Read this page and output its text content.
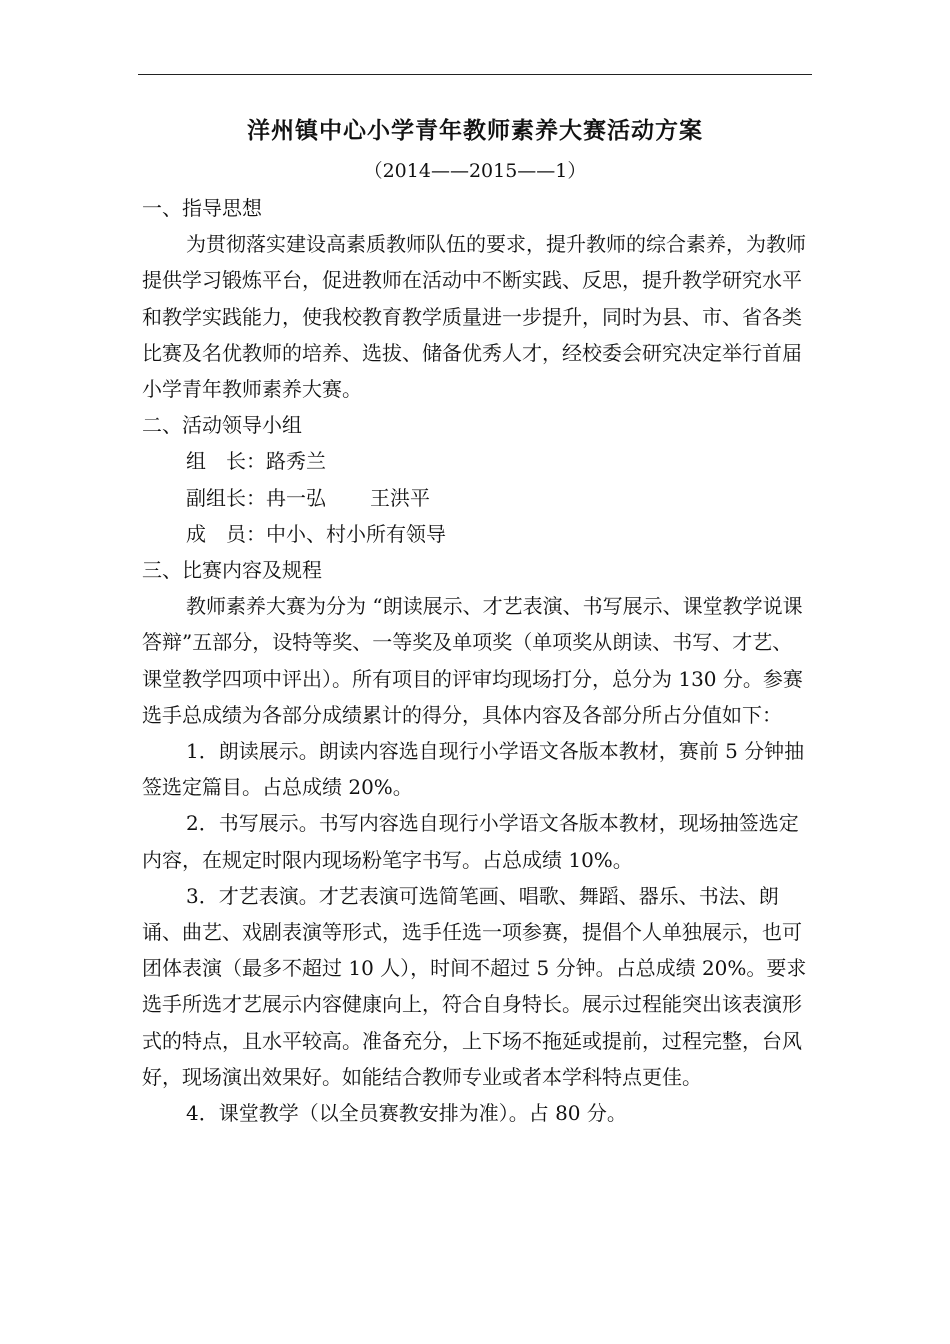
洋州镇中心小学青年教师素养大赛活动方案
（2014——2015——1）

一、指导思想

为贯彻落实建设高素质教师队伍的要求，提升教师的综合素养，为教师提供学习锻炼平台，促进教师在活动中不断实践、反思，提升教学研究水平和教学实践能力，使我校教育教学质量进一步提升，同时为县、市、省各类比赛及名优教师的培养、选拔、储备优秀人才，经校委会研究决定举行首届小学青年教师素养大赛。

二、活动领导小组

组　长：路秀兰

副组长：冉一弘 王洪平

成　员：中小、村小所有领导

三、比赛内容及规程

教师素养大赛为分为 “朗读展示、才艺表演、书写展示、课堂教学说课答辩”五部分，设特等奖、一等奖及单项奖（单项奖从朗读、书写、才艺、课堂教学四项中评出）。所有项目的评审均现场打分，总分为 130 分。参赛选手总成绩为各部分成绩累计的得分，具体内容及各部分所占分值如下：

1．朗读展示。朗读内容选自现行小学语文各版本教材，赛前 5 分钟抽签选定篇目。占总成绩 20%。

2．书写展示。书写内容选自现行小学语文各版本教材，现场抽签选定内容，在规定时限内现场粉笔字书写。占总成绩 10%。

3．才艺表演。才艺表演可选简笔画、唱歌、舞蹈、器乐、书法、朗诵、曲艺、戏剧表演等形式，选手任选一项参赛，提倡个人单独展示，也可团体表演（最多不超过 10 人），时间不超过 5 分钟。占总成绩 20%。要求选手所选才艺展示内容健康向上，符合自身特长。展示过程能突出该表演形式的特点，且水平较高。准备充分，上下场不拖延或提前，过程完整，台风好，现场演出效果好。如能结合教师专业或者本学科特点更佳。

4．课堂教学（以全员赛教安排为准）。占 80 分。
